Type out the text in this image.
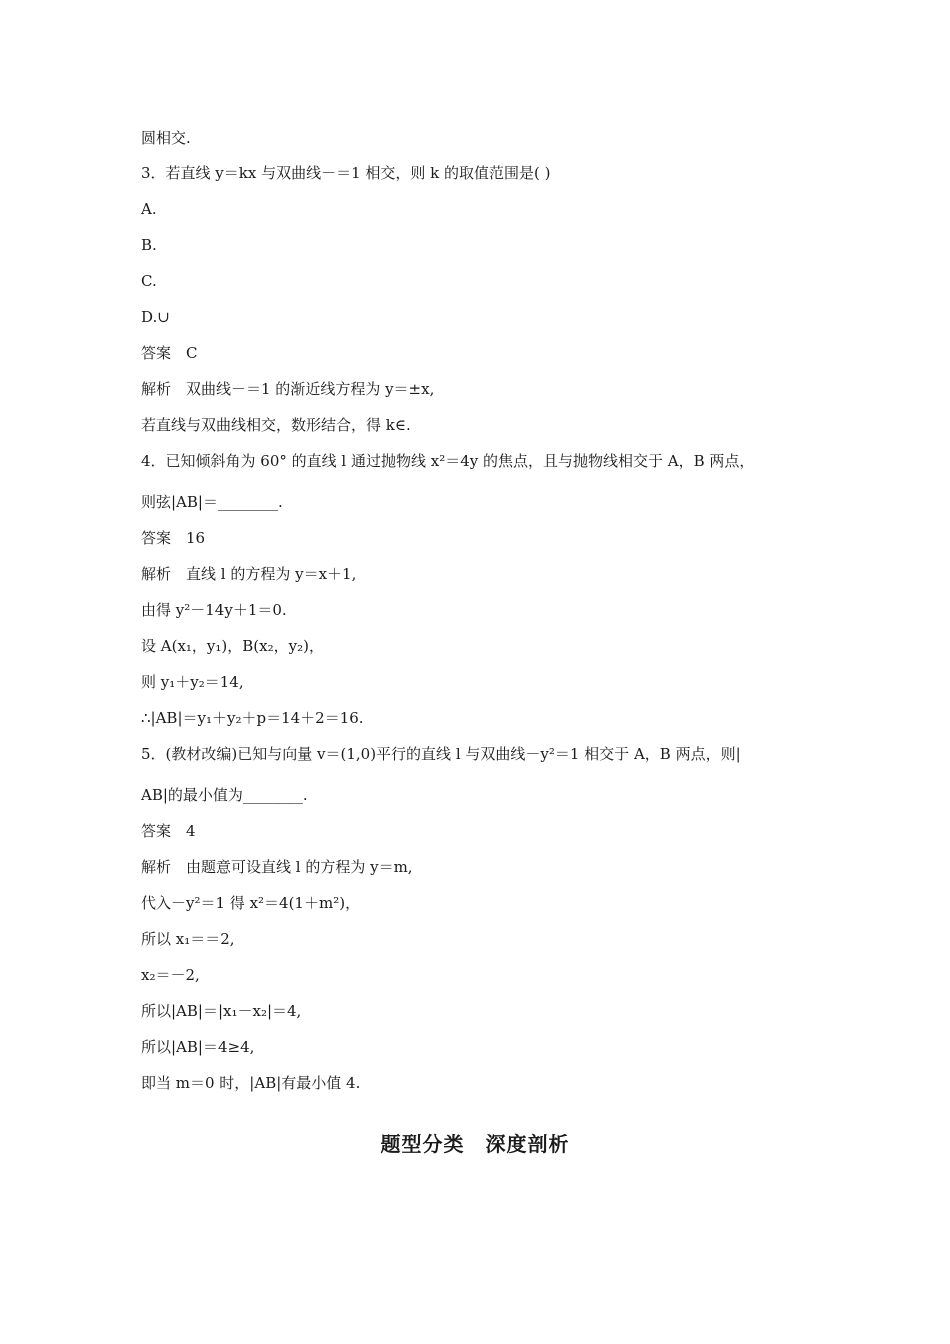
圆相交.
3．若直线 y＝kx 与双曲线－＝1 相交，则 k 的取值范围是( )
A.
B.
C.
D.∪
答案　C
解析　双曲线－＝1 的渐近线方程为 y＝±x,
若直线与双曲线相交，数形结合，得 k∈.
4．已知倾斜角为 60° 的直线 l 通过抛物线 x²＝4y 的焦点，且与抛物线相交于 A，B 两点，
则弦|AB|＝________.
答案　16
解析　直线 l 的方程为 y＝x＋1,
由得 y²－14y＋1＝0.
设 A(x₁，y₁)，B(x₂，y₂)，
则 y₁＋y₂＝14,
∴|AB|＝y₁＋y₂＋p＝14＋2＝16.
5．(教材改编)已知与向量 v＝(1,0)平行的直线 l 与双曲线－y²＝1 相交于 A，B 两点，则|
AB|的最小值为________.
答案　4
解析　由题意可设直线 l 的方程为 y＝m,
代入－y²＝1 得 x²＝4(1＋m²)，
所以 x₁＝＝2,
x₂＝－2,
所以|AB|＝|x₁－x₂|＝4,
所以|AB|＝4≥4,
即当 m＝0 时，|AB|有最小值 4.
题型分类　深度剖析
